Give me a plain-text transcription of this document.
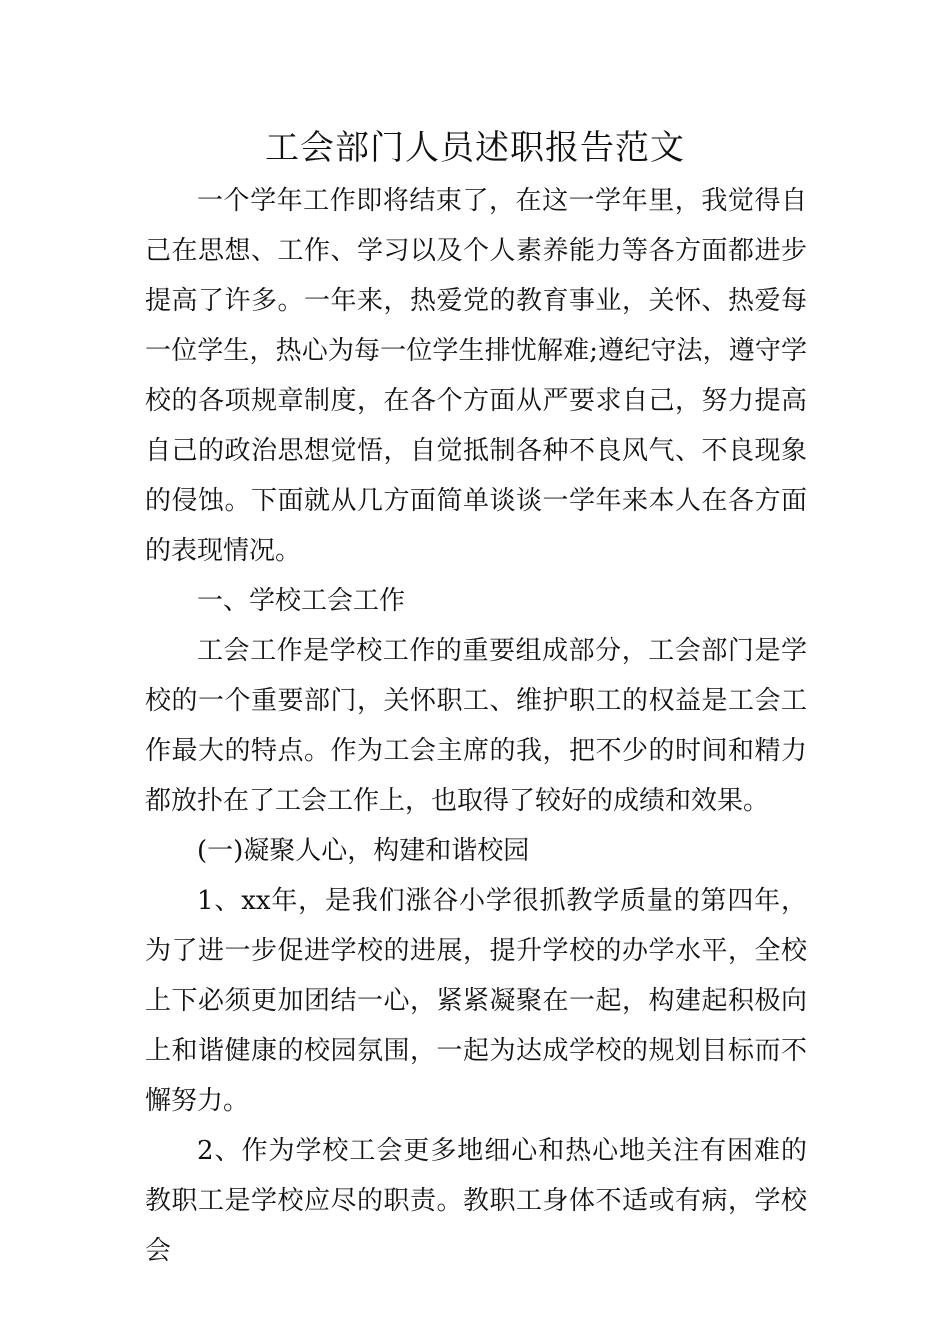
工会部门人员述职报告范文

一个学年工作即将结束了，在这一学年里，我觉得自己在思想、工作、学习以及个人素养能力等各方面都进步提高了许多。一年来，热爱党的教育事业，关怀、热爱每一位学生，热心为每一位学生排忧解难;遵纪守法，遵守学校的各项规章制度，在各个方面从严要求自己，努力提高自己的政治思想觉悟，自觉抵制各种不良风气、不良现象的侵蚀。下面就从几方面简单谈谈一学年来本人在各方面的表现情况。

一、学校工会工作

工会工作是学校工作的重要组成部分，工会部门是学校的一个重要部门，关怀职工、维护职工的权益是工会工作最大的特点。作为工会主席的我，把不少的时间和精力都放扑在了工会工作上，也取得了较好的成绩和效果。

(一)凝聚人心，构建和谐校园

1、xx年，是我们涨谷小学很抓教学质量的第四年，为了进一步促进学校的进展，提升学校的办学水平，全校上下必须更加团结一心，紧紧凝聚在一起，构建起积极向上和谐健康的校园氛围，一起为达成学校的规划目标而不懈努力。

2、作为学校工会更多地细心和热心地关注有困难的教职工是学校应尽的职责。教职工身体不适或有病，学校会
